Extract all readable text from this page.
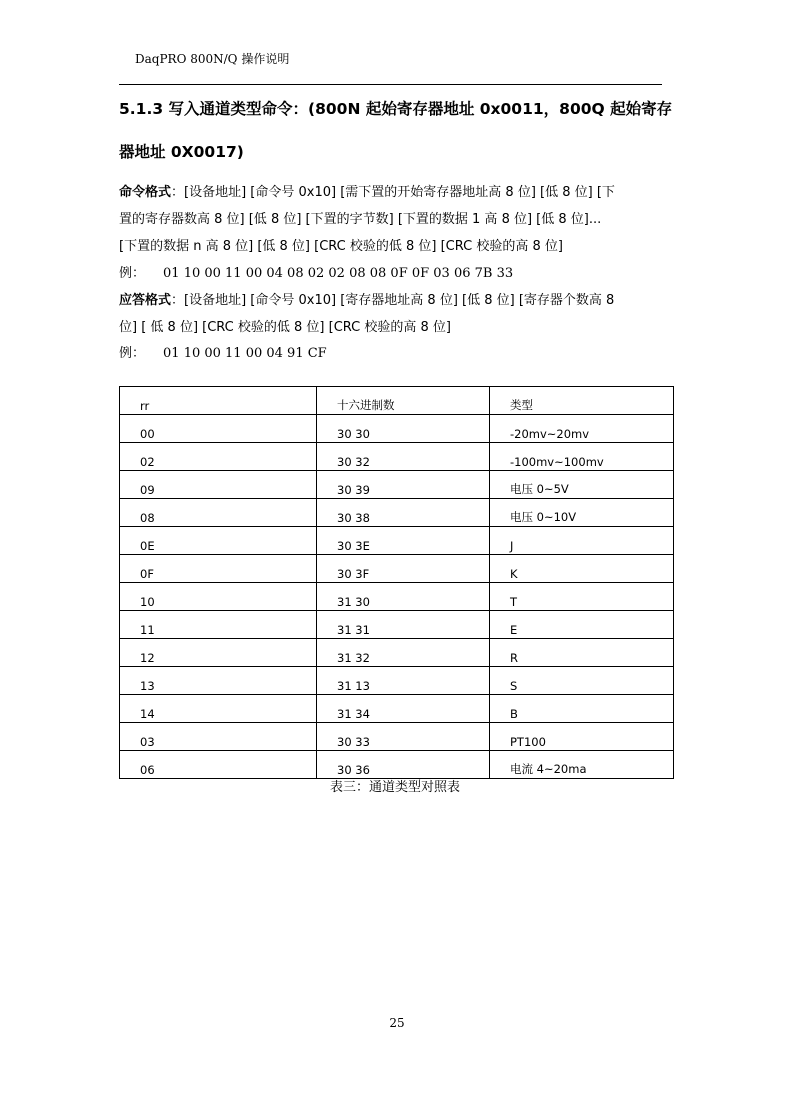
DaqPRO 800N/Q 操作说明
5.1.3 写入通道类型命令：(800N 起始寄存器地址 0x0011，800Q 起始寄存
器地址 0X0017)
命令格式：[设备地址] [命令号 0x10] [需下置的开始寄存器地址高 8 位] [低 8 位] [下
置的寄存器数高 8 位] [低 8 位] [下置的字节数] [下置的数据 1 高 8 位] [低 8 位]...
[下置的数据 n 高 8 位] [低 8 位] [CRC 校验的低 8 位] [CRC 校验的高 8 位]
例： 01 10 00 11 00 04 08 02 02 08 08 0F 0F 03 06 7B 33
应答格式：[设备地址] [命令号 0x10] [寄存器地址高 8 位] [低 8 位] [寄存器个数高 8
位] [ 低 8 位] [CRC 校验的低 8 位] [CRC 校验的高 8 位]
例： 01 10 00 11 00 04 91 CF
rr	十六进制数	类型
00	30 30	-20mv~20mv
02	30 32	-100mv~100mv
09	30 39	电压 0~5V
08	30 38	电压 0~10V
0E	30 3E	J
0F	30 3F	K
10	31 30	T
11	31 31	E
12	31 32	R
13	31 13	S
14	31 34	B
03	30 33	PT100
06	30 36	电流 4~20ma
表三：通道类型对照表
25
